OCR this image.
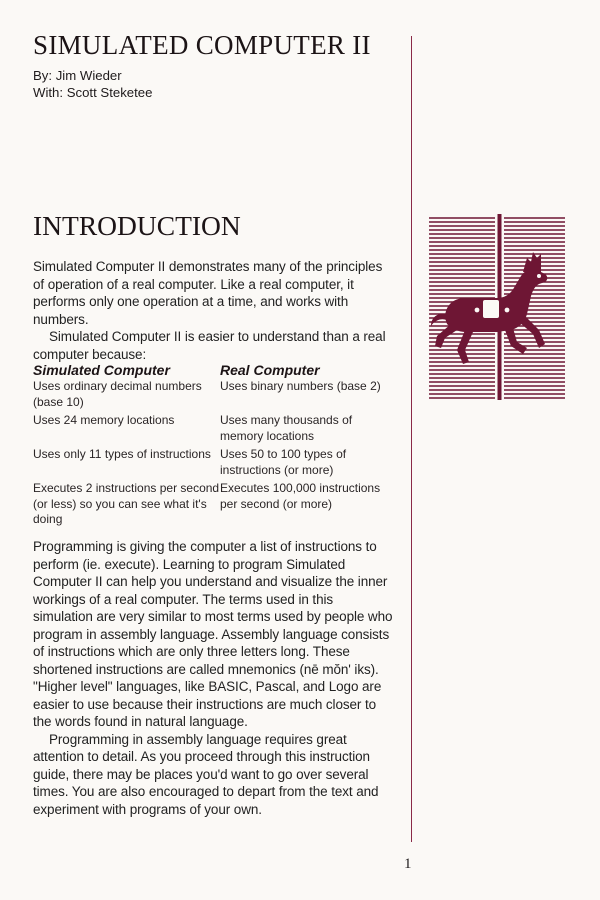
SIMULATED COMPUTER II
By: Jim Wieder
With: Scott Steketee
INTRODUCTION

Simulated Computer II demonstrates many of the principles of operation of a real computer. Like a real computer, it performs only one operation at a time, and works with numbers.

Simulated Computer II is easier to understand than a real computer because:

Simulated Computer	Real Computer
Uses ordinary decimal numbers (base 10)
Uses binary numbers (base 2)
Uses 24 memory locations	Uses many thousands of memory locations
Uses only 11 types of instructions Uses 50 to 100 types of instructions (or more)
Executes 2 instructions per second (or less) so you can see what it's doing
Executes 100,000 instructions per second (or more)

Programming is giving the computer a list of instructions to perform (ie. execute). Learning to program Simulated Computer II can help you understand and visualize the inner workings of a real computer. The terms used in this simulation are very similar to most terms used by people who program in assembly language. Assembly language consists of instructions which are only three letters long. These shortened instructions are called mnemonics (nē mŏn' iks). "Higher level" languages, like BASIC, Pascal, and Logo are easier to use because their instructions are much closer to the words found in natural language.

Programming in assembly language requires great attention to detail. As you proceed through this instruction guide, there may be places you'd want to go over several times. You are also encouraged to depart from the text and experiment with programs of your own.

1
